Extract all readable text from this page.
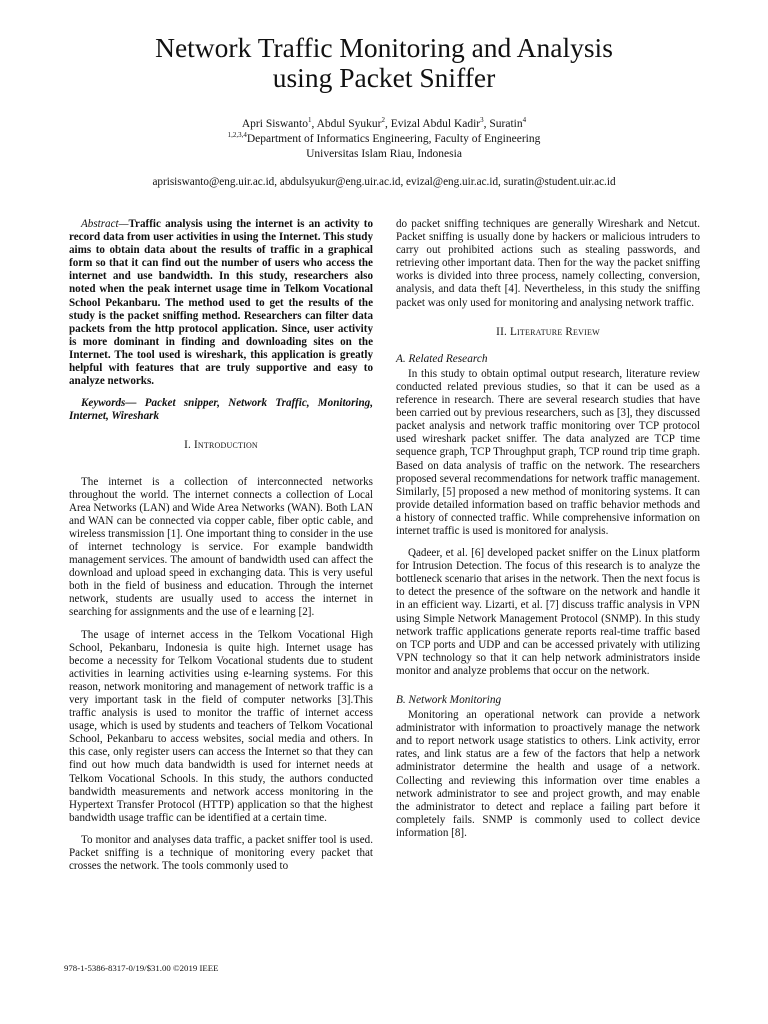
Network Traffic Monitoring and Analysis
using Packet Sniffer

Apri Siswanto$^1$, Abdul Syukur$^2$, Evizal Abdul Kadir$^3$, Suratin$^4$

$^{1,2,3,4}$Department of Informatics Engineering, Faculty of Engineering

Universitas Islam Riau, Indonesia

aprisiswanto@eng.uir.ac.id, abdulsyukur@eng.uir.ac.id, evizal@eng.uir.ac.id, suratin@student.uir.ac.id

Abstract—Traffic analysis using the internet is an activity to record data from user activities in using the Internet. This study aims to obtain data about the results of traffic in a graphical form so that it can find out the number of users who access the internet and use bandwidth. In this study, researchers also noted when the peak internet usage time in Telkom Vocational School Pekanbaru. The method used to get the results of the study is the packet sniffing method. Researchers can filter data packets from the http protocol application. Since, user activity is more dominant in finding and downloading sites on the Internet. The tool used is wireshark, this application is greatly helpful with features that are truly supportive and easy to analyze networks.

Keywords— Packet snipper, Network Traffic, Monitoring, Internet, Wireshark

I. Introduction

The internet is a collection of interconnected networks throughout the world. The internet connects a collection of Local Area Networks (LAN) and Wide Area Networks (WAN). Both LAN and WAN can be connected via copper cable, fiber optic cable, and wireless transmission [1]. One important thing to consider in the use of internet technology is service. For example bandwidth management services. The amount of bandwidth used can affect the download and upload speed in exchanging data. This is very useful both in the field of business and education. Through the internet network, students are usually used to access the internet in searching for assignments and the use of e learning [2].

The usage of internet access in the Telkom Vocational High School, Pekanbaru, Indonesia is quite high. Internet usage has become a necessity for Telkom Vocational students due to student activities in learning activities using e-learning systems. For this reason, network monitoring and management of network traffic is a very important task in the field of computer networks [3].This traffic analysis is used to monitor the traffic of internet access usage, which is used by students and teachers of Telkom Vocational School, Pekanbaru to access websites, social media and others. In this case, only register users can access the Internet so that they can find out how much data bandwidth is used for internet needs at Telkom Vocational Schools. In this study, the authors conducted bandwidth measurements and network access monitoring in the Hypertext Transfer Protocol (HTTP) application so that the highest bandwidth usage traffic can be identified at a certain time.

To monitor and analyses data traffic, a packet sniffer tool is used. Packet sniffing is a technique of monitoring every packet that crosses the network. The tools commonly used to

do packet sniffing techniques are generally Wireshark and Netcut. Packet sniffing is usually done by hackers or malicious intruders to carry out prohibited actions such as stealing passwords, and retrieving other important data. Then for the way the packet sniffing works is divided into three process, namely collecting, conversion, analysis, and data theft [4]. Nevertheless, in this study the sniffing packet was only used for monitoring and analysing network traffic.

II. Literature Review
A. Related Research

In this study to obtain optimal output research, literature review conducted related previous studies, so that it can be used as a reference in research. There are several research studies that have been carried out by previous researchers, such as [3], they discussed packet analysis and network traffic monitoring over TCP protocol used wireshark packet sniffer. The data analyzed are TCP time sequence graph, TCP Throughput graph, TCP round trip time graph. Based on data analysis of traffic on the network. The researchers proposed several recommendations for network traffic management. Similarly, [5] proposed a new method of monitoring systems. It can provide detailed information based on traffic behavior methods and a history of connected traffic. While comprehensive information on internet traffic is used is monitored for analysis.

Qadeer, et al. [6] developed packet sniffer on the Linux platform for Intrusion Detection. The focus of this research is to analyze the bottleneck scenario that arises in the network. Then the next focus is to detect the presence of the software on the network and handle it in an efficient way. Lizarti, et al. [7] discuss traffic analysis in VPN using Simple Network Management Protocol (SNMP). In this study network traffic applications generate reports real-time traffic based on TCP ports and UDP and can be accessed privately with utilizing VPN technology so that it can help network administrators inside monitor and analyze problems that occur on the network.

B. Network Monitoring

Monitoring an operational network can provide a network administrator with information to proactively manage the network and to report network usage statistics to others. Link activity, error rates, and link status are a few of the factors that help a network administrator determine the health and usage of a network. Collecting and reviewing this information over time enables a network administrator to see and project growth, and may enable the administrator to detect and replace a failing part before it completely fails. SNMP is commonly used to collect device information [8].

978-1-5386-8317-0/19/$31.00 ©2019 IEEE
